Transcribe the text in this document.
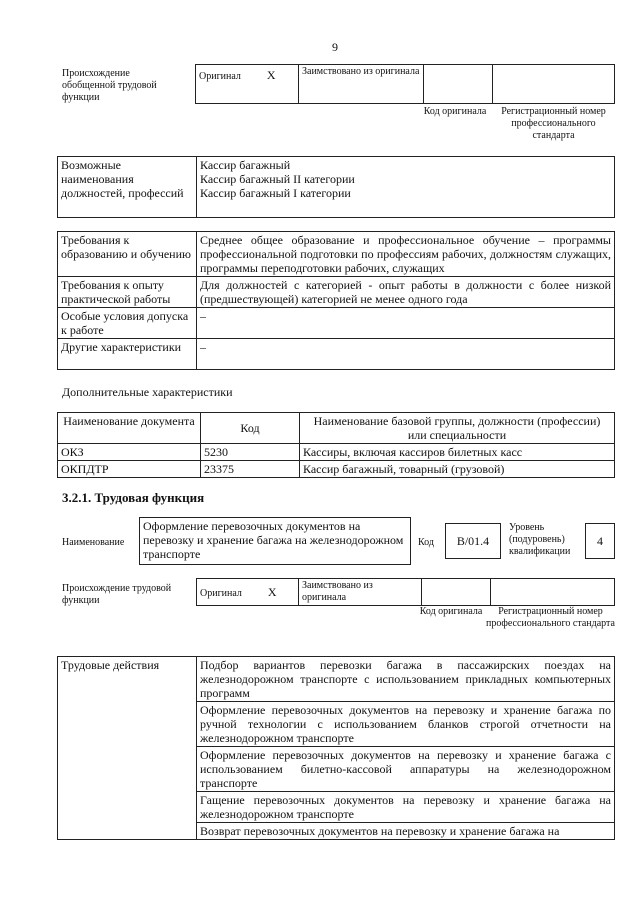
9
Происхождение обобщенной трудовой функции
Оригинал X	Заимствовано из оригинала		
Код оригинала	Регистрационный номер профессионального стандарта
Возможные наименования должностей, профессий	
Кассир багажный
Кассир багажный II категории
Кассир багажный I категории
Требования к образованию и обучению	Среднее общее образование и профессиональное обучение – программы профессиональной подготовки по профессиям рабочих, должностям служащих, программы переподготовки рабочих, служащих
Требования к опыту практической работы	Для должностей с категорией - опыт работы в должности с более низкой (предшествующей) категорией не менее одного года
Особые условия допуска к работе	–
Другие характеристики	–
Дополнительные характеристики
Наименование документа	Код	Наименование базовой группы, должности (профессии) или специальности
ОКЗ	5230	Кассиры, включая кассиров билетных касс
ОКПДТР	23375	Кассир багажный, товарный (грузовой)
3.2.1. Трудовая функция
Наименование
Оформление перевозочных документов на перевозку и хранение багажа на железнодорожном транспорте
Код B/01.4
Уровень (подуровень) квалификации
4
Происхождение трудовой функции
Оригинал X	Заимствовано из оригинала		
Код оригинала	Регистрационный номер профессионального стандарта
Трудовые действия	Подбор вариантов перевозки багажа в пассажирских поездах на железнодорожном транспорте с использованием прикладных компьютерных программ
Оформление перевозочных документов на перевозку и хранение багажа по ручной технологии с использованием бланков строгой отчетности на железнодорожном транспорте
Оформление перевозочных документов на перевозку и хранение багажа с использованием билетно-кассовой аппаратуры на железнодорожном транспорте
Гащение перевозочных документов на перевозку и хранение багажа на железнодорожном транспорте
Возврат перевозочных документов на перевозку и хранение багажа на
